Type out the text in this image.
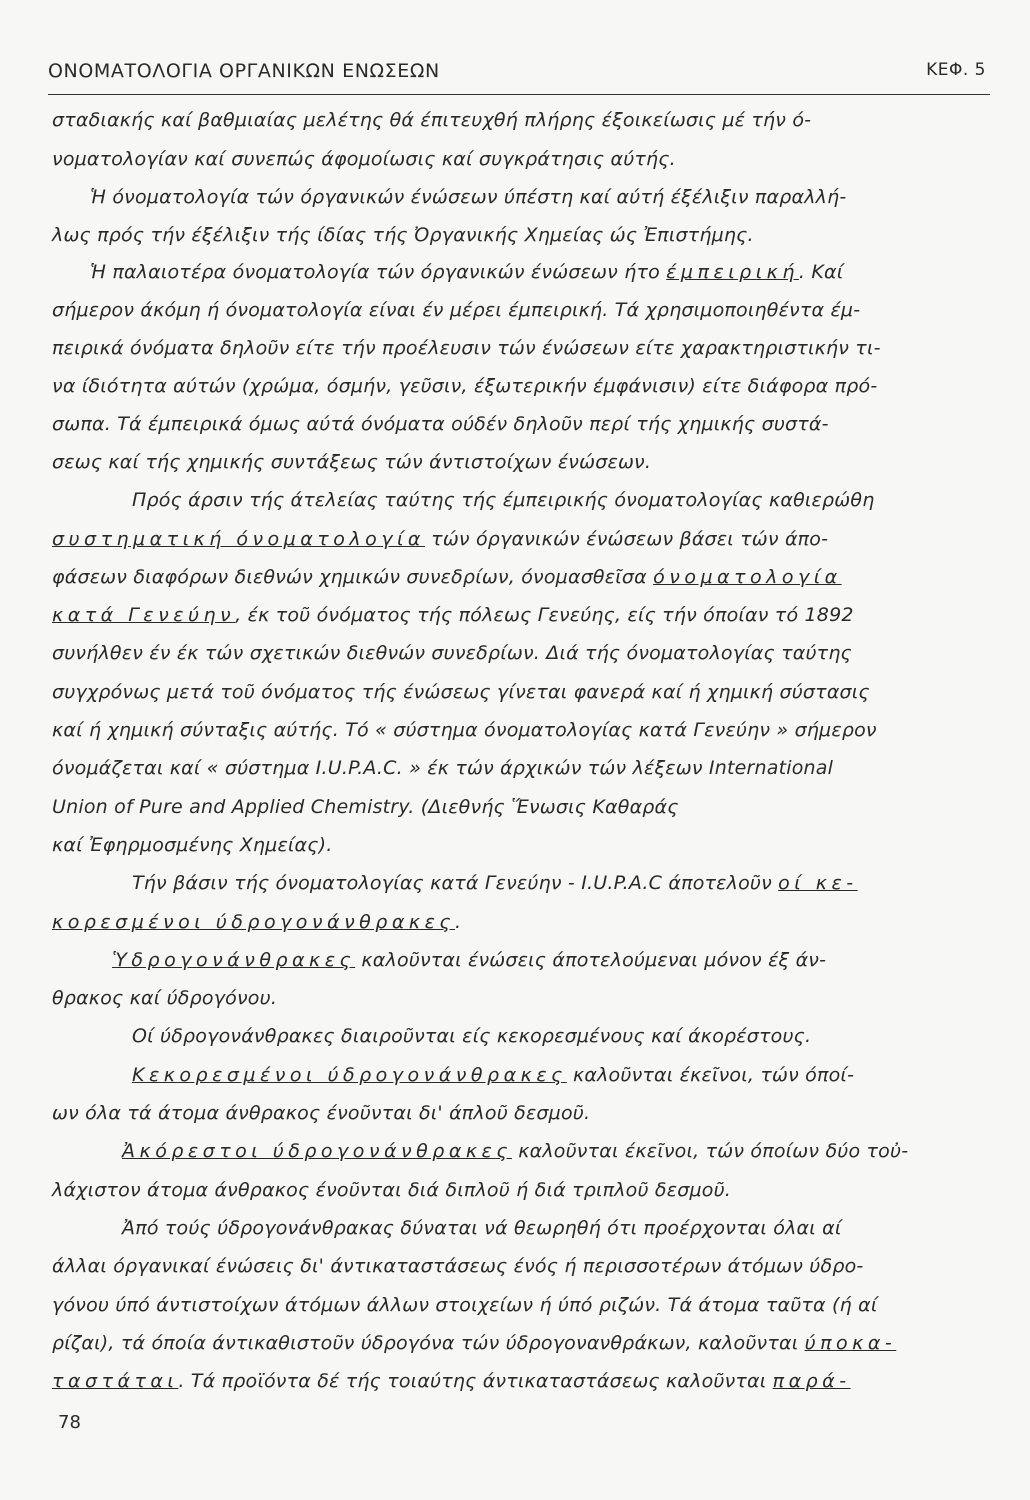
ΟΝΟΜΑΤΟΛΟΓΙΑ ΟΡΓΑΝΙΚΩΝ ΕΝΩΣΕΩΝ	ΚΕΦ. 5
σταδιακής καί βαθμιαίας μελέτης θά έπιτευχθή πλήρης έξοικείωσις μέ τήν ό-
νοματολογίαν καί συνεπώς άφομοίωσις καί συγκράτησις αύτής.
Ἡ όνοματολογία τών όργανικών ένώσεων ύπέστη καί αύτή έξέλιξιν παραλλή-
λως πρός τήν έξέλιξιν τής ίδίας τής Ὀργανικής Χημείας ώς Ἐπιστήμης.
Ἡ παλαιοτέρα όνοματολογία τών όργανικών ένώσεων ήτο έμπειρική. Καί
σήμερον άκόμη ή όνοματολογία είναι έν μέρει έμπειρική. Τά χρησιμοποιηθέντα έμ-
πειρικά όνόματα δηλοῦν είτε τήν προέλευσιν τών ένώσεων είτε χαρακτηριστικήν τι-
να ίδιότητα αύτών (χρώμα, όσμήν, γεῦσιν, έξωτερικήν έμφάνισιν) είτε διάφορα πρό-
σωπα. Τά έμπειρικά όμως αύτά όνόματα ούδέν δηλοῦν περί τής χημικής συστά-
σεως καί τής χημικής συντάξεως τών άντιστοίχων ένώσεων.
Πρός άρσιν τής άτελείας ταύτης τής έμπειρικής όνοματολογίας καθιερώθη
συστηματική όνοματολογία τών όργανικών ένώσεων βάσει τών άπο-
φάσεων διαφόρων διεθνών χημικών συνεδρίων, όνομασθεῖσα όνοματολογία
κατά Γενεύην, έκ τοῦ όνόματος τής πόλεως Γενεύης, είς τήν όποίαν τό 1892
συνήλθεν έν έκ τών σχετικών διεθνών συνεδρίων. Διά τής όνοματολογίας ταύτης
συγχρόνως μετά τοῦ όνόματος τής ένώσεως γίνεται φανερά καί ή χημική σύστασις
καί ή χημική σύνταξις αύτής. Τό « σύστημα όνοματολογίας κατά Γενεύην » σήμερον
όνομάζεται καί « σύστημα I.U.P.A.C. » έκ τών άρχικών τών λέξεων International
Union of Pure and Applied Chemistry. (Διεθνής Ἕνωσις Καθαράς
καί Ἐφηρμοσμένης Χημείας).
Τήν βάσιν τής όνοματολογίας κατά Γενεύην - I.U.P.A.C άποτελοῦν οί κε-
κορεσμένοι ύδρογονάνθρακες.
Ὑδρογονάνθρακες καλοῦνται ένώσεις άποτελούμεναι μόνον έξ άν-
θρακος καί ύδρογόνου.
Οί ύδρογονάνθρακες διαιροῦνται είς κεκορεσμένους καί άκορέστους.
Κεκορεσμένοι ύδρογονάνθρακες καλοῦνται έκεῖνοι, τών όποί-
ων όλα τά άτομα άνθρακος ένοῦνται δι' άπλοῦ δεσμοῦ.
Ἀκόρεστοι ύδρογονάνθρακες καλοῦνται έκεῖνοι, τών όποίων δύο τοὐ-
λάχιστον άτομα άνθρακος ένοῦνται διά διπλοῦ ή διά τριπλοῦ δεσμοῦ.
Ἀπό τούς ύδρογονάνθρακας δύναται νά θεωρηθή ότι προέρχονται όλαι αί
άλλαι όργανικαί ένώσεις δι' άντικαταστάσεως ένός ή περισσοτέρων άτόμων ύδρο-
γόνου ύπό άντιστοίχων άτόμων άλλων στοιχείων ή ύπό ριζών. Τά άτομα ταῦτα (ή αί
ρίζαι), τά όποία άντικαθιστοῦν ύδρογόνα τών ύδρογονανθράκων, καλοῦνται ύποκα-
ταστάται. Τά προϊόντα δέ τής τοιαύτης άντικαταστάσεως καλοῦνται παρά-
78
